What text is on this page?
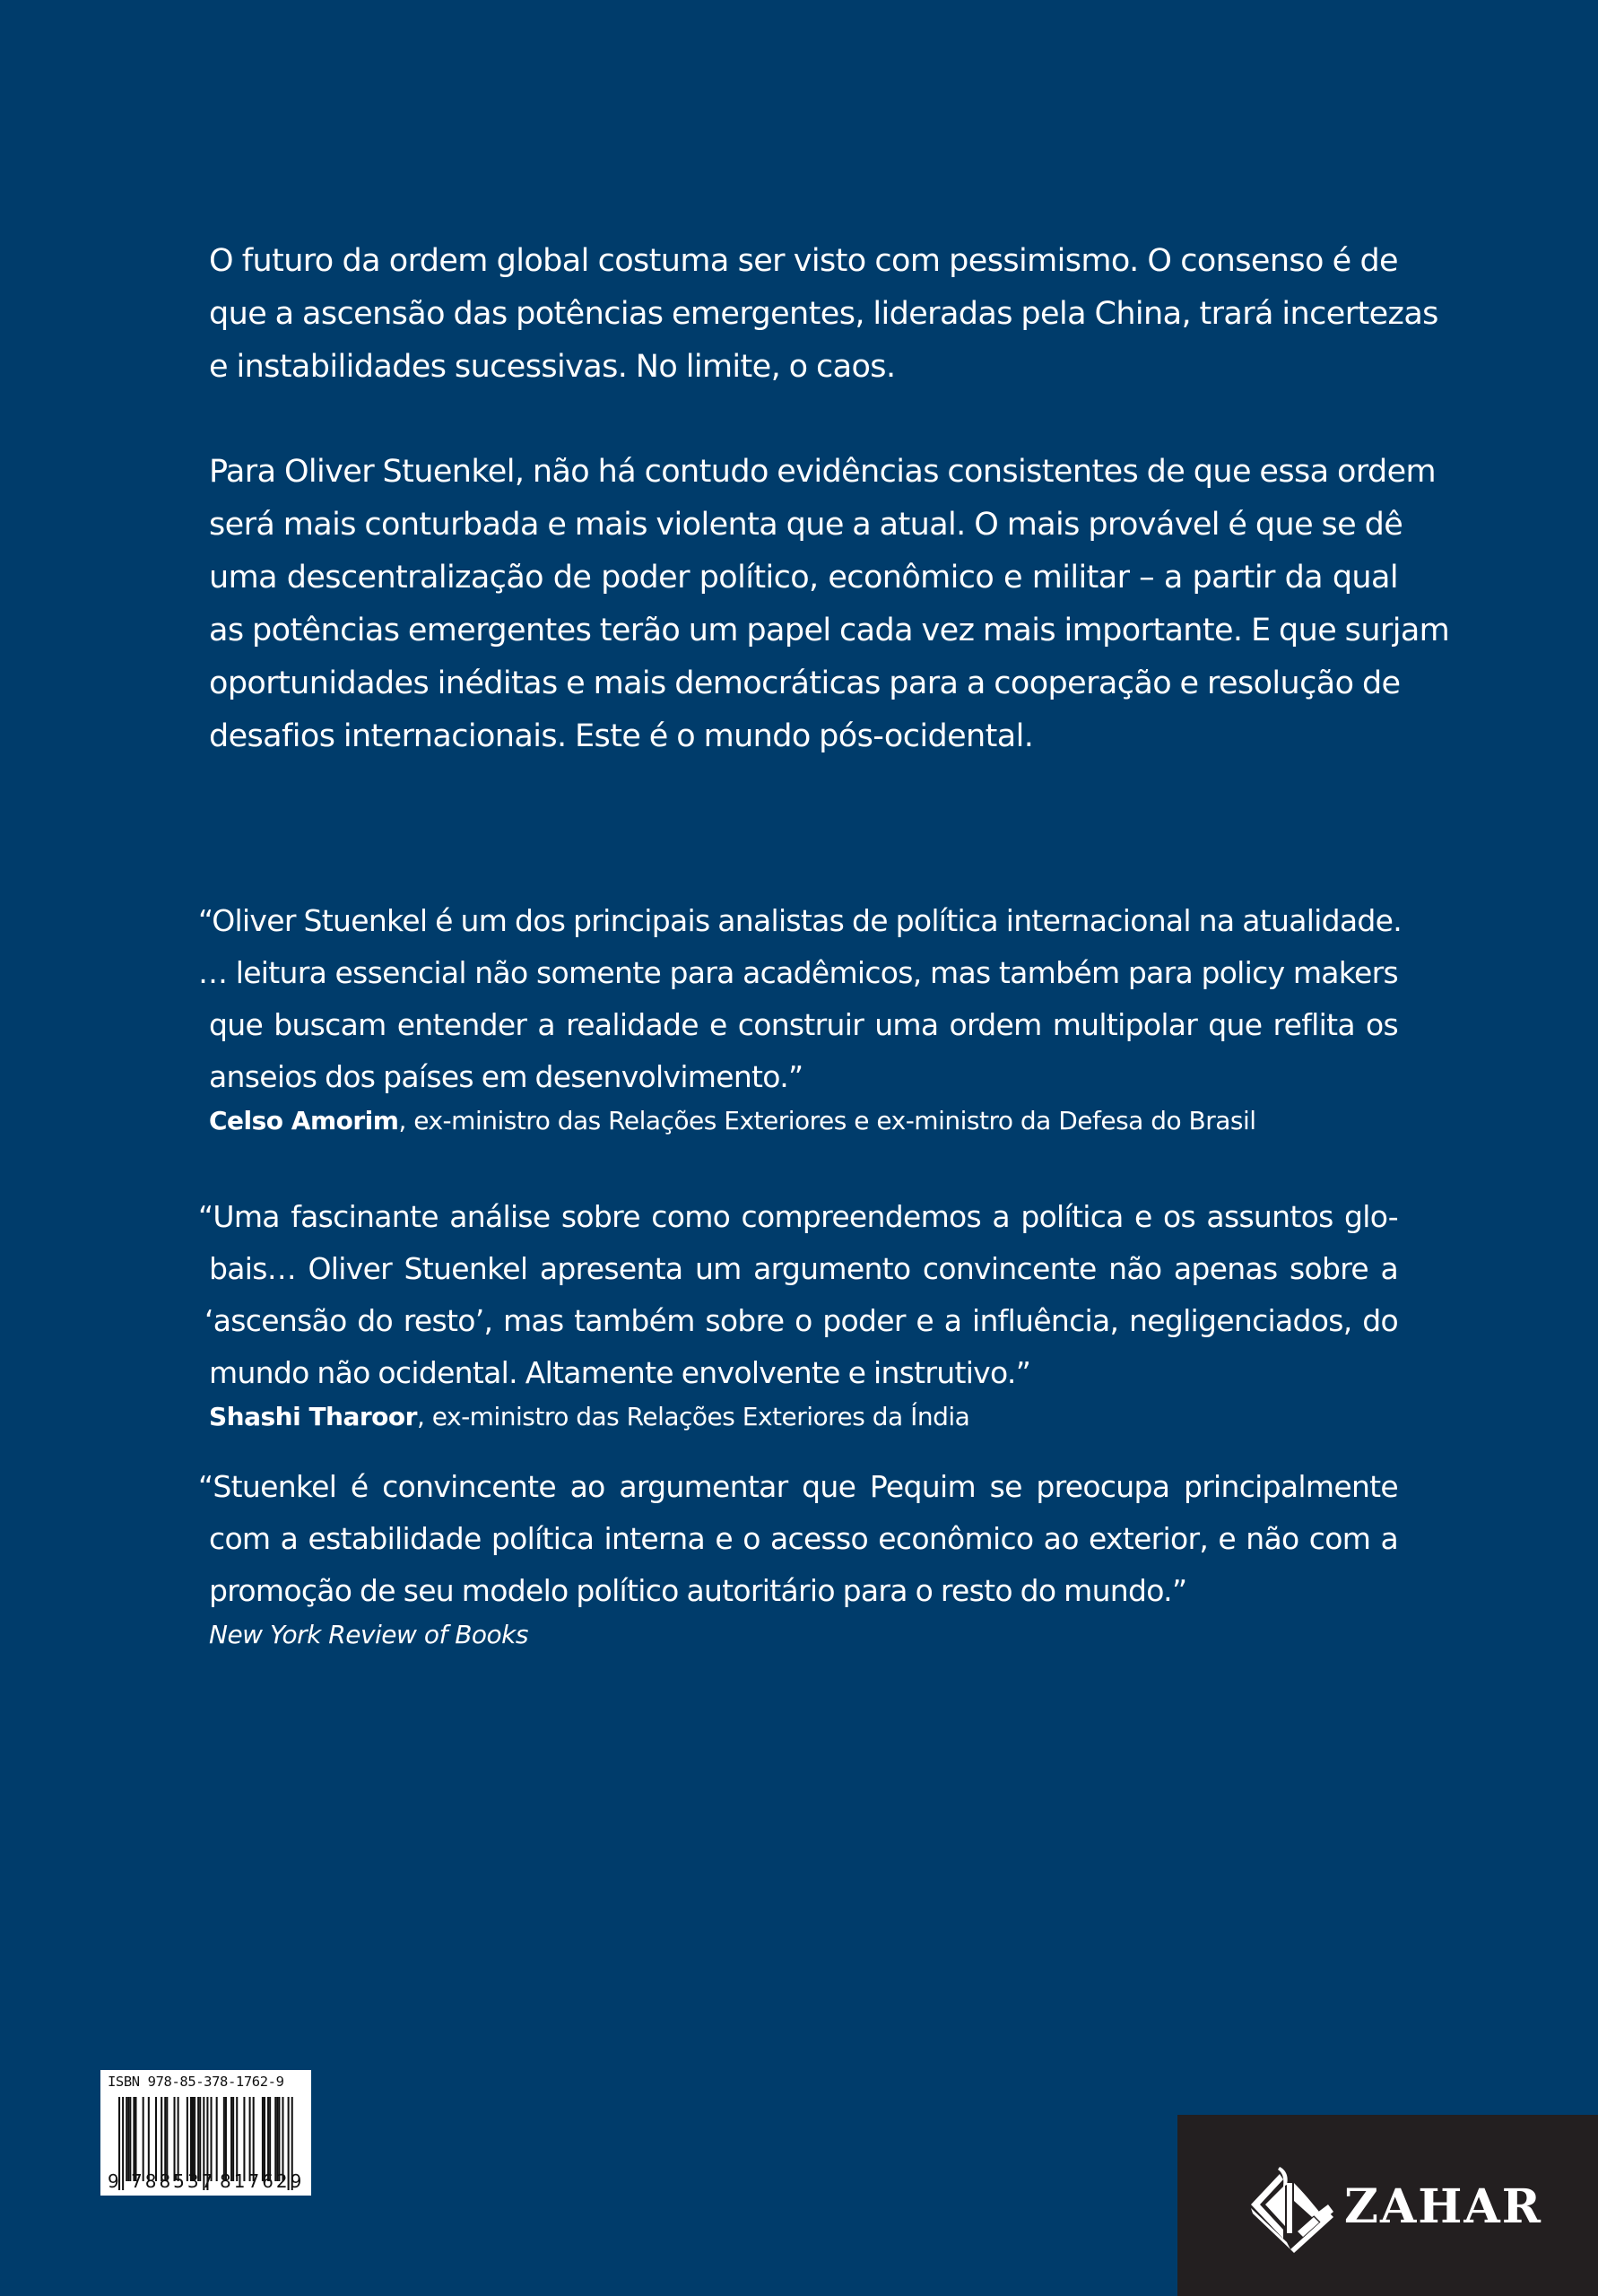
O futuro da ordem global costuma ser visto com pessimismo. O consenso é de
que a ascensão das potências emergentes, lideradas pela China, trará incertezas
e instabilidades sucessivas. No limite, o caos.

Para Oliver Stuenkel, não há contudo evidências consistentes de que essa ordem
será mais conturbada e mais violenta que a atual. O mais provável é que se dê
uma descentralização de poder político, econômico e militar – a partir da qual
as potências emergentes terão um papel cada vez mais importante. E que surjam
oportunidades inéditas e mais democráticas para a cooperação e resolução de
desafios internacionais. Este é o mundo pós-ocidental.

“Oliver Stuenkel é um dos principais analistas de política internacional na atualidade.
… leitura essencial não somente para acadêmicos, mas também para policy makers
que buscam entender a realidade e construir uma ordem multipolar que reflita os
anseios dos países em desenvolvimento.”
Celso Amorim, ex-ministro das Relações Exteriores e ex-ministro da Defesa do Brasil
“Uma fascinante análise sobre como compreendemos a política e os assuntos glo-
bais… Oliver Stuenkel apresenta um argumento convincente não apenas sobre a
‘ascensão do resto’, mas também sobre o poder e a influência, negligenciados, do
mundo não ocidental. Altamente envolvente e instrutivo.”
Shashi Tharoor, ex-ministro das Relações Exteriores da Índia
“Stuenkel é convincente ao argumentar que Pequim se preocupa principalmente
com a estabilidade política interna e o acesso econômico ao exterior, e não com a
promoção de seu modelo político autoritário para o resto do mundo.”
New York Review of Books
ISBN 978-85-378-1762-9
9 788537 817629	ZAHAR
